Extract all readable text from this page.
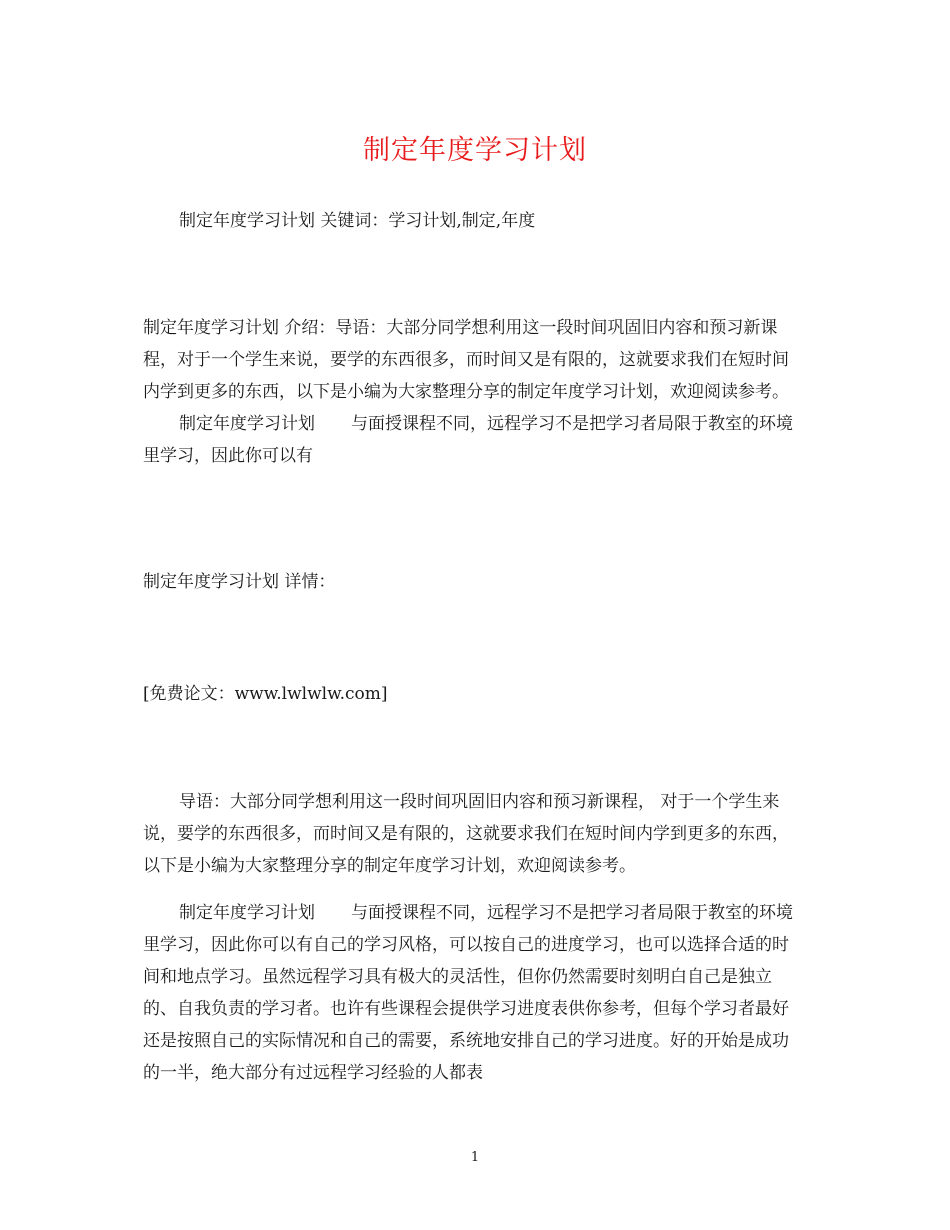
制定年度学习计划

制定年度学习计划 关键词：学习计划,制定,年度

制定年度学习计划 介绍：导语：大部分同学想利用这一段时间巩固旧内容和预习新课程，对于一个学生来说，要学的东西很多，而时间又是有限的，这就要求我们在短时间内学到更多的东西，以下是小编为大家整理分享的制定年度学习计划，欢迎阅读参考。制定年度学习计划 与面授课程不同，远程学习不是把学习者局限于教室的环境里学习，因此你可以有

制定年度学习计划 详情：

[免费论文：www.lwlwlw.com]

导语：大部分同学想利用这一段时间巩固旧内容和预习新课程， 对于一个学生来说，要学的东西很多，而时间又是有限的，这就要求我们在短时间内学到更多的东西，以下是小编为大家整理分享的制定年度学习计划，欢迎阅读参考。

制定年度学习计划 与面授课程不同，远程学习不是把学习者局限于教室的环境里学习，因此你可以有自己的学习风格，可以按自己的进度学习，也可以选择合适的时间和地点学习。虽然远程学习具有极大的灵活性，但你仍然需要时刻明白自己是独立的、自我负责的学习者。也许有些课程会提供学习进度表供你参考，但每个学习者最好还是按照自己的实际情况和自己的需要，系统地安排自己的学习进度。好的开始是成功的一半，绝大部分有过远程学习经验的人都表

1
